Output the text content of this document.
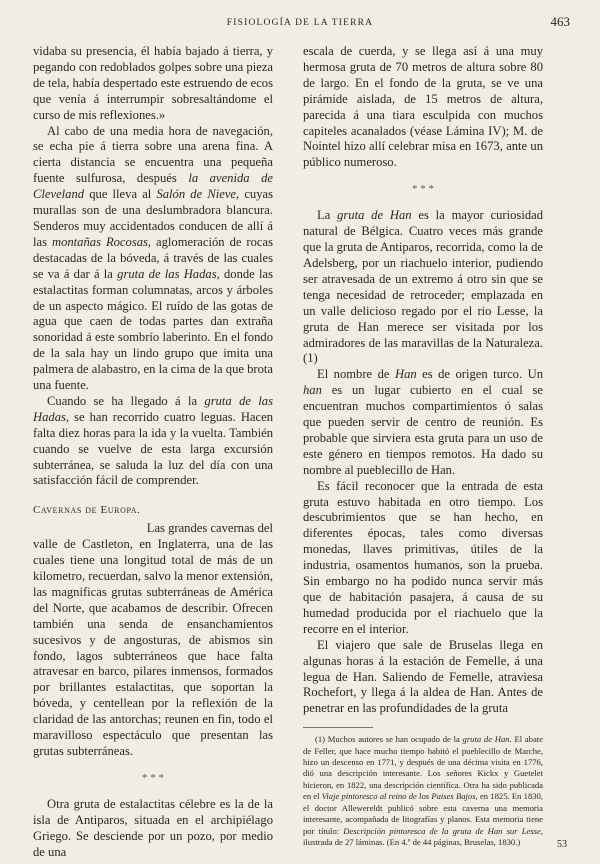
FISIOLOGÍA DE LA TIERRA	463

vidaba su presencia, él había bajado á tierra, y pegando con redoblados golpes sobre una pieza de tela, había despertado este estruendo de ecos que venía á interrumpir sobresaltándome el curso de mis reflexiones.»

Al cabo de una media hora de navegación, se echa pie á tierra sobre una arena fina. A cierta distancia se encuentra una pequeña fuente sulfurosa, después la avenida de Cleveland que lleva al Salón de Nieve, cuyas murallas son de una deslumbradora blancura. Senderos muy accidentados conducen de allí á las montañas Rocosas, aglomeración de rocas destacadas de la bóveda, á través de las cuales se va á dar á la gruta de las Hadas, donde las estalactitas forman columnatas, arcos y árboles de un aspecto mágico. El ruído de las gotas de agua que caen de todas partes dan extraña sonoridad á este sombrío laberinto. En el fondo de la sala hay un lindo grupo que imita una palmera de alabastro, en la cima de la que brota una fuente.

Cuando se ha llegado á la gruta de las Hadas, se han recorrido cuatro leguas. Hacen falta diez horas para la ida y la vuelta. También cuando se vuelve de esta larga excursión subterránea, se saluda la luz del día con una satisfacción fácil de comprender.

Cavernas de Europa.

Las grandes cavernas del
valle de Castleton, en Inglaterra, una de las cuales tiene una longitud total de más de un kilometro, recuerdan, salvo la menor extensión, las magnificas grutas subterráneas de América del Norte, que acabamos de describir. Ofrecen también una senda de ensanchamientos sucesivos y de angosturas, de abismos sin fondo, lagos subterráneos que hace falta atravesar en barco, pilares inmensos, formados por brillantes estalactitas, que soportan la bóveda, y centellean por la reflexión de la claridad de las antorchas; reunen en fin, todo el maravilloso espectáculo que presentan las grutas subterráneas.

* * *

Otra gruta de estalactitas célebre es la de la isla de Antiparos, situada en el archipiélago Griego. Se desciende por un pozo, por medio de una

escala de cuerda, y se llega así á una muy hermosa gruta de 70 metros de altura sobre 80 de largo. En el fondo de la gruta, se ve una pirámide aislada, de 15 metros de altura, parecida á una tiara esculpida con muchos capiteles acanalados (véase Lámina IV); M. de Nointel hizo allí celebrar misa en 1673, ante un público numeroso.

* * *

La gruta de Han es la mayor curiosidad natural de Bélgica. Cuatro veces más grande que la gruta de Antiparos, recorrida, como la de Adelsberg, por un riachuelo interior, pudiendo ser atravesada de un extremo á otro sin que se tenga necesidad de retroceder; emplazada en un valle delicioso regado por el rio Lesse, la gruta de Han merece ser visitada por los admiradores de las maravillas de la Naturaleza. (1)

El nombre de Han es de origen turco. Un han es un lugar cubierto en el cual se encuentran muchos compartimientos ó salas que pueden servir de centro de reunión. Es probable que sirviera esta gruta para un uso de este género en tiempos remotos. Ha dado su nombre al pueblecillo de Han.

Es fácil reconocer que la entrada de esta gruta estuvo habitada en otro tiempo. Los descubrimientos que se han hecho, en diferentes épocas, tales como diversas monedas, llaves primitivas, útiles de la industria, osamentos humanos, son la prueba. Sin embargo no ha podido nunca servir más que de habitación pasajera, á causa de su humedad producida por el riachuelo que la recorre en el interior.

El viajero que sale de Bruselas llega en algunas horas á la estación de Femelle, á una legua de Han. Saliendo de Femelle, atraviesa Rochefort, y llega á la aldea de Han. Antes de penetrar en las profundidades de la gruta

(1) Muchos autores se han ocupado de la gruta de Han. El abate de Feller, que hace mucho tiempo habitó el pueblecillo de Marche, hizo un descenso en 1771, y después de una décima visita en 1776, dió una descripción interesante. Los señores Kickx y Guetelet hicieron, en 1822, una descripción científica. Otra ha sido publicada en el Viaje pintoresco al reino de los Paises Bajos, en 1825. En 1830, el doctor Allewereldt publicó sobre esta caverna una memoria interesante, acompañada de litografías y planos. Esta memoria tiene por título: Descripción pintoresca de la gruta de Han sur Lesse, ilustrada de 27 láminas. (En 4.º de 44 páginas, Bruselas, 1830.)	53
